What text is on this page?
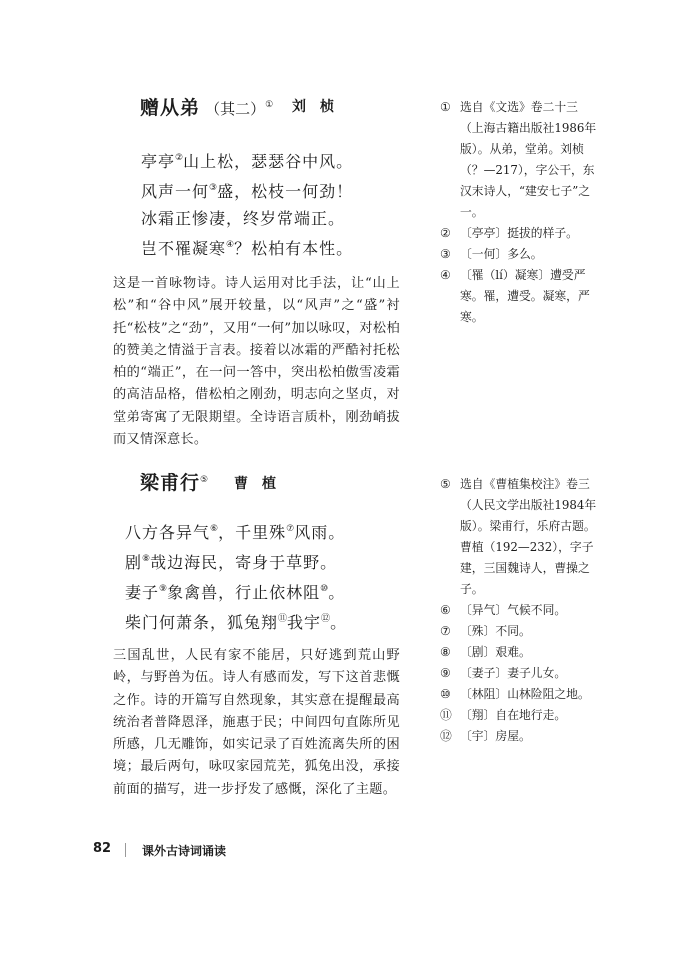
赠从弟 （其二）① 刘桢
亭亭②山上松，瑟瑟谷中风。
风声一何③盛，松枝一何劲！
冰霜正惨凄，终岁常端正。
岂不罹凝寒④？松柏有本性。
这是一首咏物诗。诗人运用对比手法，让“山上松”和“谷中风”展开较量，以“风声”之“盛”衬托“松枝”之“劲”，又用“一何”加以咏叹，对松柏的赞美之情溢于言表。接着以冰霜的严酷衬托松柏的“端正”，在一问一答中，突出松柏傲雪凌霜的高洁品格，借松柏之刚劲，明志向之坚贞，对堂弟寄寓了无限期望。全诗语言质朴，刚劲峭拔而又情深意长。
① 选自《文选》卷二十三（上海古籍出版社1986年版）。从弟，堂弟。刘桢（？—217），字公干，东汉末诗人，“建安七子”之一。
② 〔亭亭〕挺拔的样子。
③ 〔一何〕多么。
④ 〔罹（lí）凝寒〕遭受严寒。罹，遭受。凝寒，严寒。
梁甫行⑤ 曹植
八方各异气⑥，千里殊⑦风雨。
剧⑧哉边海民，寄身于草野。
妻子⑨象禽兽，行止依林阻⑩。
柴门何萧条，狐兔翔⑪我宇⑫。
三国乱世，人民有家不能居，只好逃到荒山野岭，与野兽为伍。诗人有感而发，写下这首悲慨之作。诗的开篇写自然现象，其实意在提醒最高统治者普降恩泽，施惠于民；中间四句直陈所见所感，几无雕饰，如实记录了百姓流离失所的困境；最后两句，咏叹家园荒芜，狐兔出没，承接前面的描写，进一步抒发了感慨，深化了主题。
⑤ 选自《曹植集校注》卷三（人民文学出版社1984年版）。梁甫行，乐府古题。曹植（192—232），字子建，三国魏诗人，曹操之子。
⑥ 〔异气〕气候不同。
⑦ 〔殊〕不同。
⑧ 〔剧〕艰难。
⑨ 〔妻子〕妻子儿女。
⑩ 〔林阻〕山林险阻之地。
⑪ 〔翔〕自在地行走。
⑫ 〔宇〕房屋。
82	课外古诗词诵读
